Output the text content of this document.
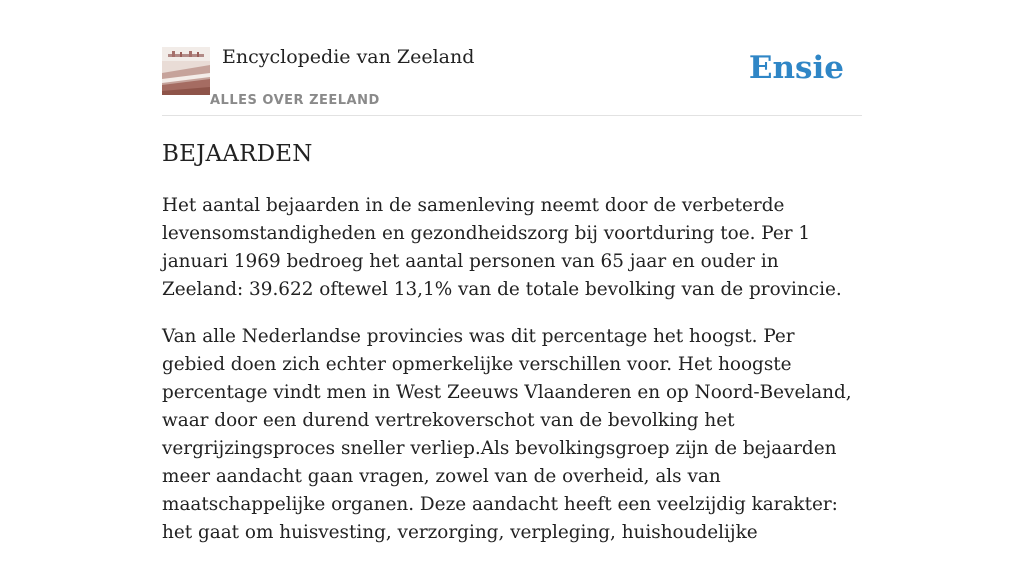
Encyclopedie van Zeeland
ALLES OVER ZEELAND
Ensie
BEJAARDEN

Het aantal bejaarden in de samenleving neemt door de verbeterde levensomstandigheden en gezondheidszorg bij voortduring toe. Per 1 januari 1969 bedroeg het aantal personen van 65 jaar en ouder in Zeeland: 39.622 oftewel 13,1% van de totale bevolking van de provincie.

Van alle Nederlandse provincies was dit percentage het hoogst. Per gebied doen zich echter opmerkelijke verschillen voor. Het hoogste percentage vindt men in West Zeeuws Vlaanderen en op Noord-Beveland, waar door een durend vertrekoverschot van de bevolking het vergrijzingsproces sneller verliep.Als bevolkingsgroep zijn de bejaarden meer aandacht gaan vragen, zowel van de overheid, als van maatschappelijke organen. Deze aandacht heeft een veelzijdig karakter: het gaat om huisvesting, verzorging, verpleging, huishoudelijke
